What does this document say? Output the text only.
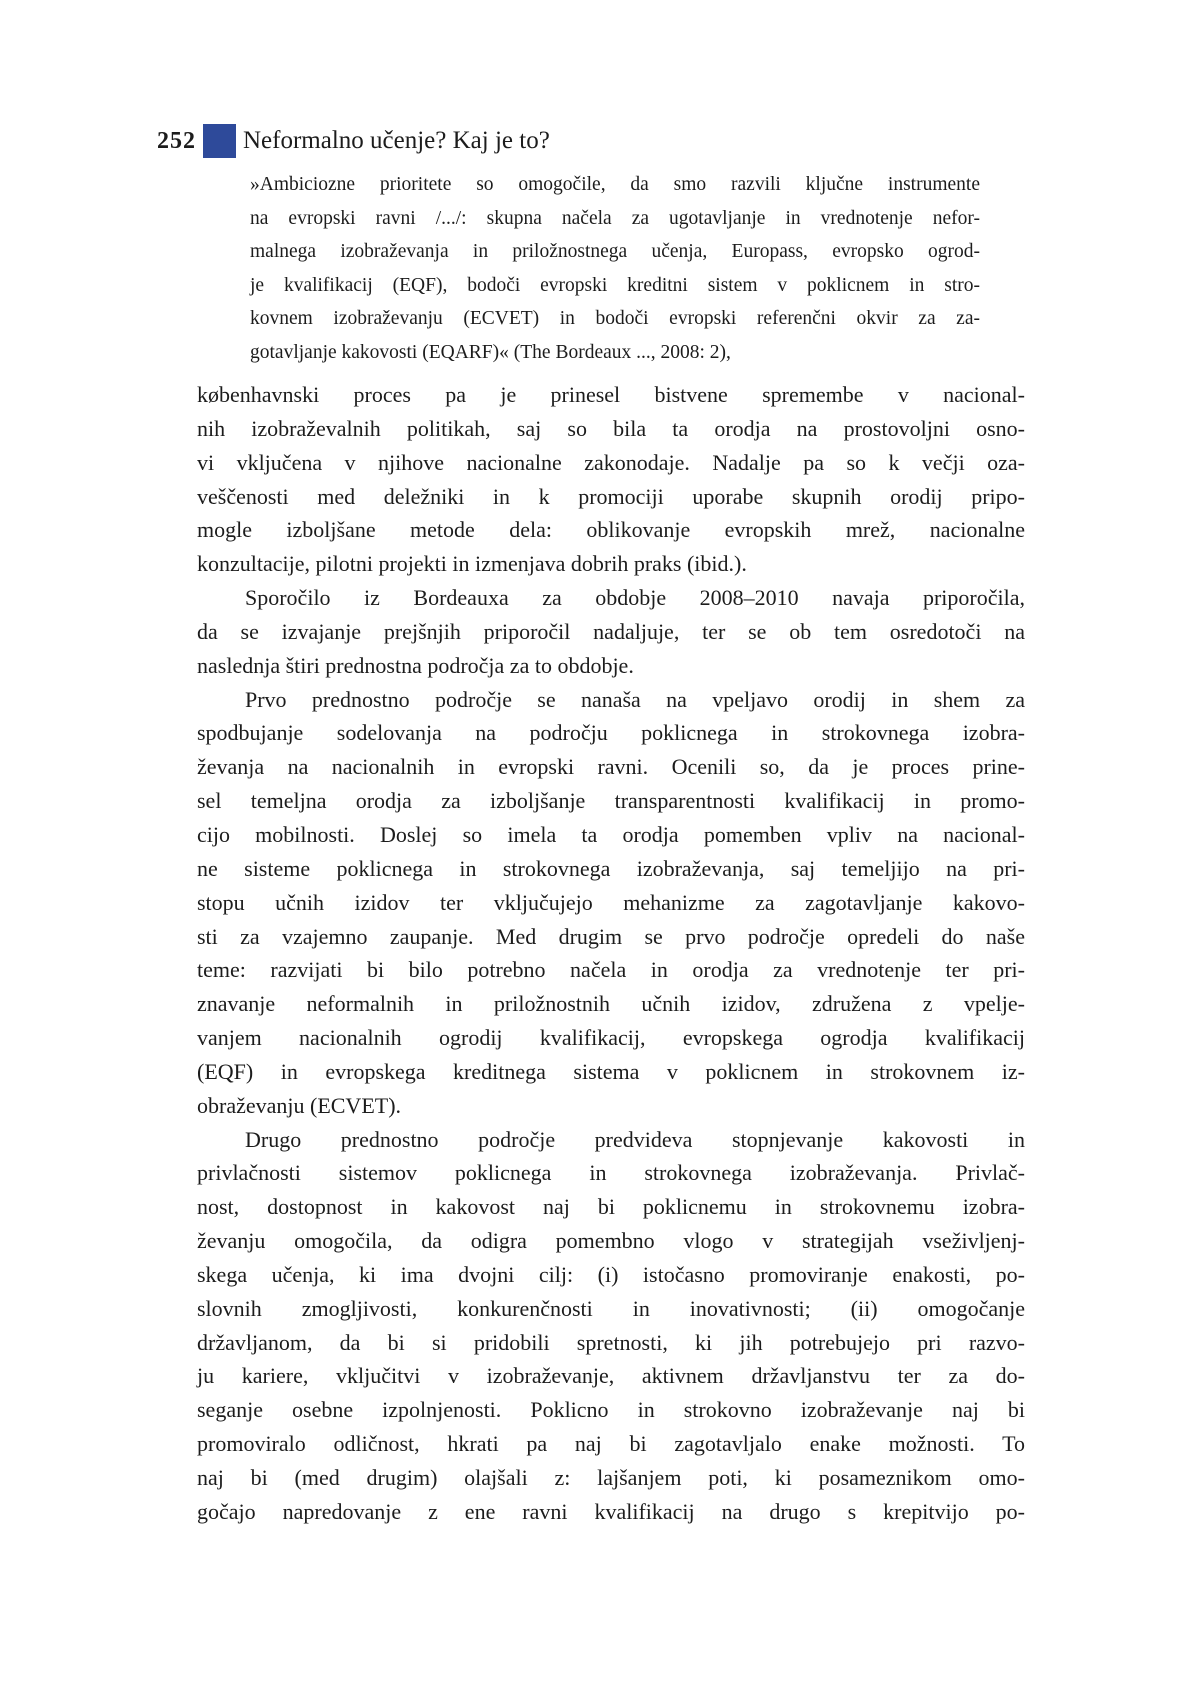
252 Neformalno učenje? Kaj je to?
»Ambiciozne prioritete so omogočile, da smo razvili ključne instrumente
na evropski ravni /.../: skupna načela za ugotavljanje in vrednotenje nefor-
malnega izobraževanja in priložnostnega učenja, Europass, evropsko ogrod-
je kvalifikacij (EQF), bodoči evropski kreditni sistem v poklicnem in stro-
kovnem izobraževanju (ECVET) in bodoči evropski referenčni okvir za za-
gotavljanje kakovosti (EQARF)« (The Bordeaux ..., 2008: 2),
københavnski proces pa je prinesel bistvene spremembe v nacional-
nih izobraževalnih politikah, saj so bila ta orodja na prostovoljni osno-
vi vključena v njihove nacionalne zakonodaje. Nadalje pa so k večji oza-
veščenosti med deležniki in k promociji uporabe skupnih orodij pripo-
mogle izboljšane metode dela: oblikovanje evropskih mrež, nacionalne
konzultacije, pilotni projekti in izmenjava dobrih praks (ibid.).
Sporočilo iz Bordeauxa za obdobje 2008–2010 navaja priporočila,
da se izvajanje prejšnjih priporočil nadaljuje, ter se ob tem osredotoči na
naslednja štiri prednostna področja za to obdobje.
Prvo prednostno področje se nanaša na vpeljavo orodij in shem za
spodbujanje sodelovanja na področju poklicnega in strokovnega izobra-
ževanja na nacionalnih in evropski ravni. Ocenili so, da je proces prine-
sel temeljna orodja za izboljšanje transparentnosti kvalifikacij in promo-
cijo mobilnosti. Doslej so imela ta orodja pomemben vpliv na nacional-
ne sisteme poklicnega in strokovnega izobraževanja, saj temeljijo na pri-
stopu učnih izidov ter vključujejo mehanizme za zagotavljanje kakovo-
sti za vzajemno zaupanje. Med drugim se prvo področje opredeli do naše
teme: razvijati bi bilo potrebno načela in orodja za vrednotenje ter pri-
znavanje neformalnih in priložnostnih učnih izidov, združena z vpelje-
vanjem nacionalnih ogrodij kvalifikacij, evropskega ogrodja kvalifikacij
(EQF) in evropskega kreditnega sistema v poklicnem in strokovnem iz-
obraževanju (ECVET).
Drugo prednostno področje predvideva stopnjevanje kakovosti in
privlačnosti sistemov poklicnega in strokovnega izobraževanja. Privlač-
nost, dostopnost in kakovost naj bi poklicnemu in strokovnemu izobra-
ževanju omogočila, da odigra pomembno vlogo v strategijah vseživljenj-
skega učenja, ki ima dvojni cilj: (i) istočasno promoviranje enakosti, po-
slovnih zmogljivosti, konkurenčnosti in inovativnosti; (ii) omogočanje
državljanom, da bi si pridobili spretnosti, ki jih potrebujejo pri razvo-
ju kariere, vključitvi v izobraževanje, aktivnem državljanstvu ter za do-
seganje osebne izpolnjenosti. Poklicno in strokovno izobraževanje naj bi
promoviralo odličnost, hkrati pa naj bi zagotavljalo enake možnosti. To
naj bi (med drugim) olajšali z: lajšanjem poti, ki posameznikom omo-
gočajo napredovanje z ene ravni kvalifikacij na drugo s krepitvijo po-
